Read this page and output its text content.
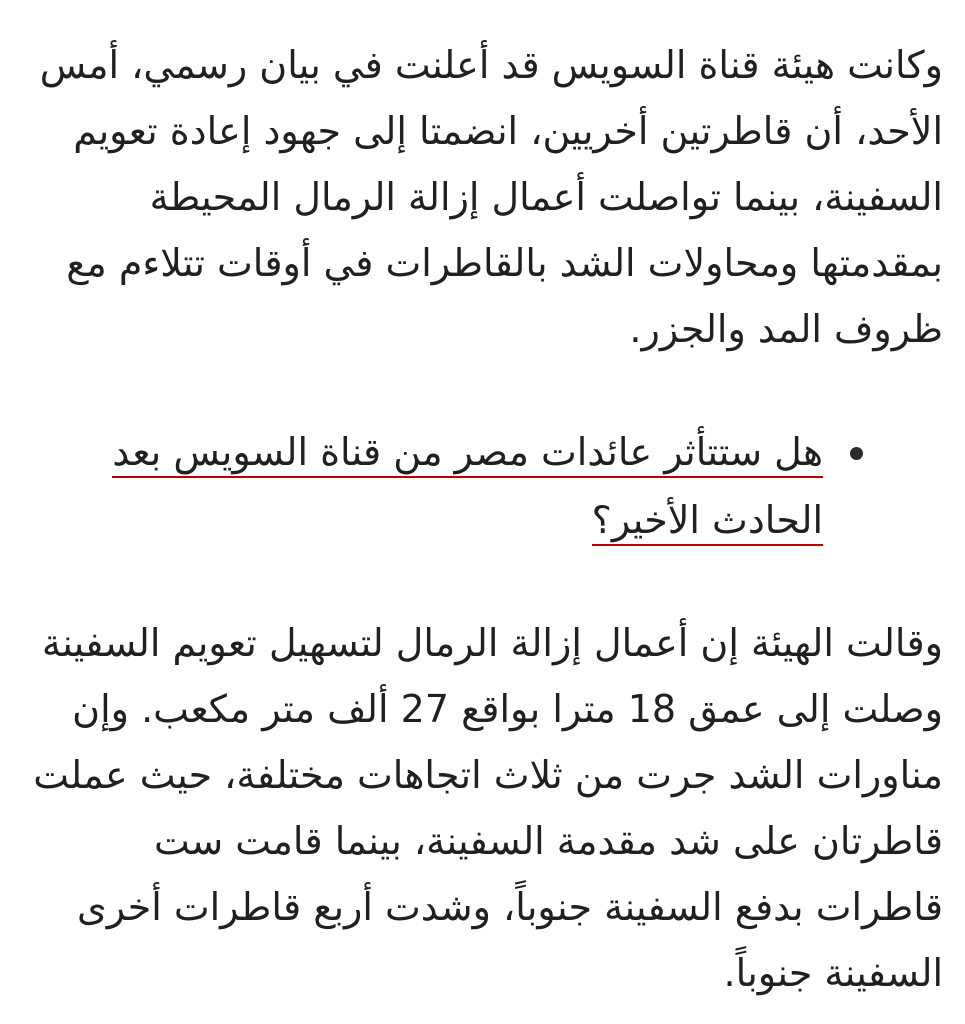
وكانت هيئة قناة السويس قد أعلنت في بيان رسمي، أمس الأحد، أن قاطرتين أخريين، انضمتا إلى جهود إعادة تعويم السفينة، بينما تواصلت أعمال إزالة الرمال المحيطة بمقدمتها ومحاولات الشد بالقاطرات في أوقات تتلاءم مع ظروف المد والجزر.

هل ستتأثر عائدات مصر من قناة السويس بعد الحادث الأخير؟

وقالت الهيئة إن أعمال إزالة الرمال لتسهيل تعويم السفينة وصلت إلى عمق 18 مترا بواقع 27 ألف متر مكعب. وإن مناورات الشد جرت من ثلاث اتجاهات مختلفة، حيث عملت قاطرتان على شد مقدمة السفينة، بينما قامت ست قاطرات بدفع السفينة جنوباً، وشدت أربع قاطرات أخرى السفينة جنوباً.
